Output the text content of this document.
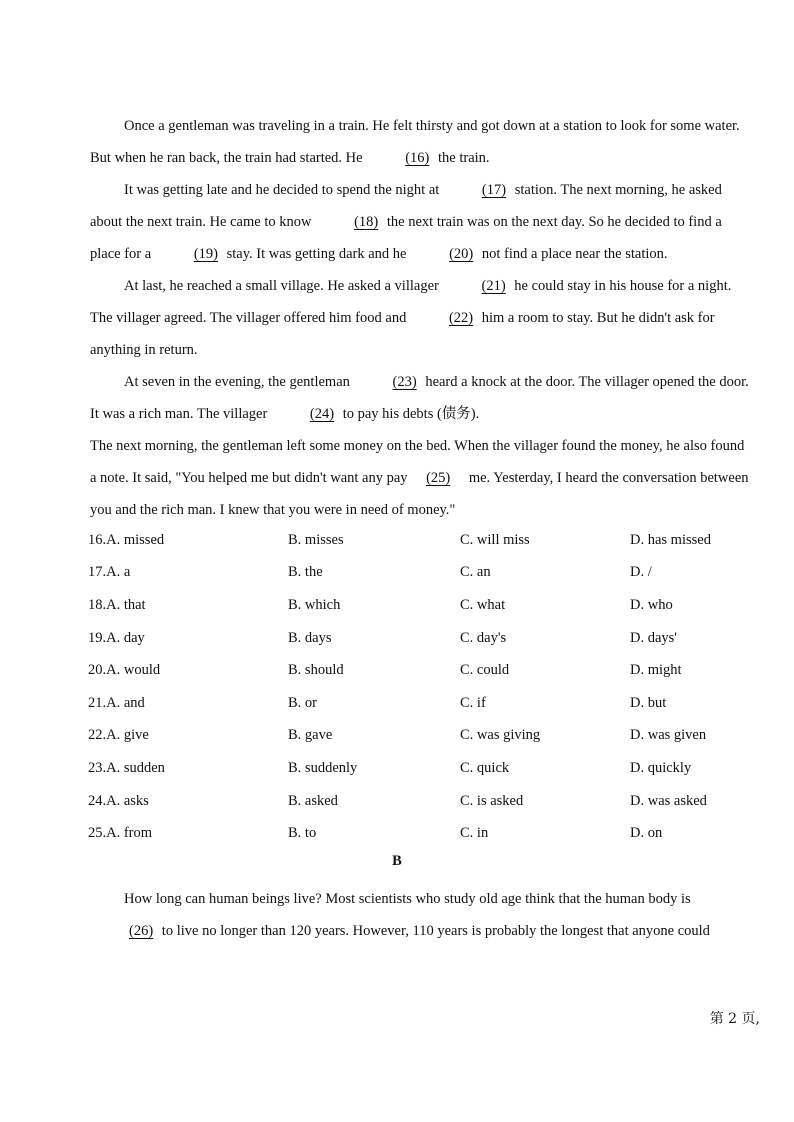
Once a gentleman was traveling in a train. He felt thirsty and got down at a station to look for some water. But when he ran back, the train had started. He	(16) the train.

It was getting late and he decided to spend the night at	(17) station. The next morning, he asked about the next train. He came to know	(18) the next train was on the next day. So he decided to find a place for a	(19) stay. It was getting dark and he	(20) not find a place near the station.

At last, he reached a small village. He asked a villager	(21) he could stay in his house for a night. The villager agreed. The villager offered him food and	(22) him a room to stay. But he didn't ask for anything in return.

At seven in the evening, the gentleman	(23) heard a knock at the door. The villager opened the door. It was a rich man. The villager	(24) to pay his debts (债务).

The next morning, the gentleman left some money on the bed. When the villager found the money, he also found a note. It said, "You helped me but didn't want any pay (25) me. Yesterday, I heard the conversation between you and the rich man. I knew that you were in need of money."

16.A. missed	B. misses	C. will miss	D. has missed
17.A. a	B. the	C. an	D. /
18.A. that	B. which	C. what	D. who
19.A. day	B. days	C. day's	D. days'
20.A. would	B. should	C. could	D. might
21.A. and	B. or	C. if	D. but
22.A. give	B. gave	C. was giving	D. was given
23.A. sudden	B. suddenly	C. quick	D. quickly
24.A. asks	B. asked	C. is asked	D. was asked
25.A. from	B. to	C. in	D. on
B

How long can human beings live? Most scientists who study old age think that the human body is (26) to live no longer than 120 years. However, 110 years is probably the longest that anyone could

第 2 页,
